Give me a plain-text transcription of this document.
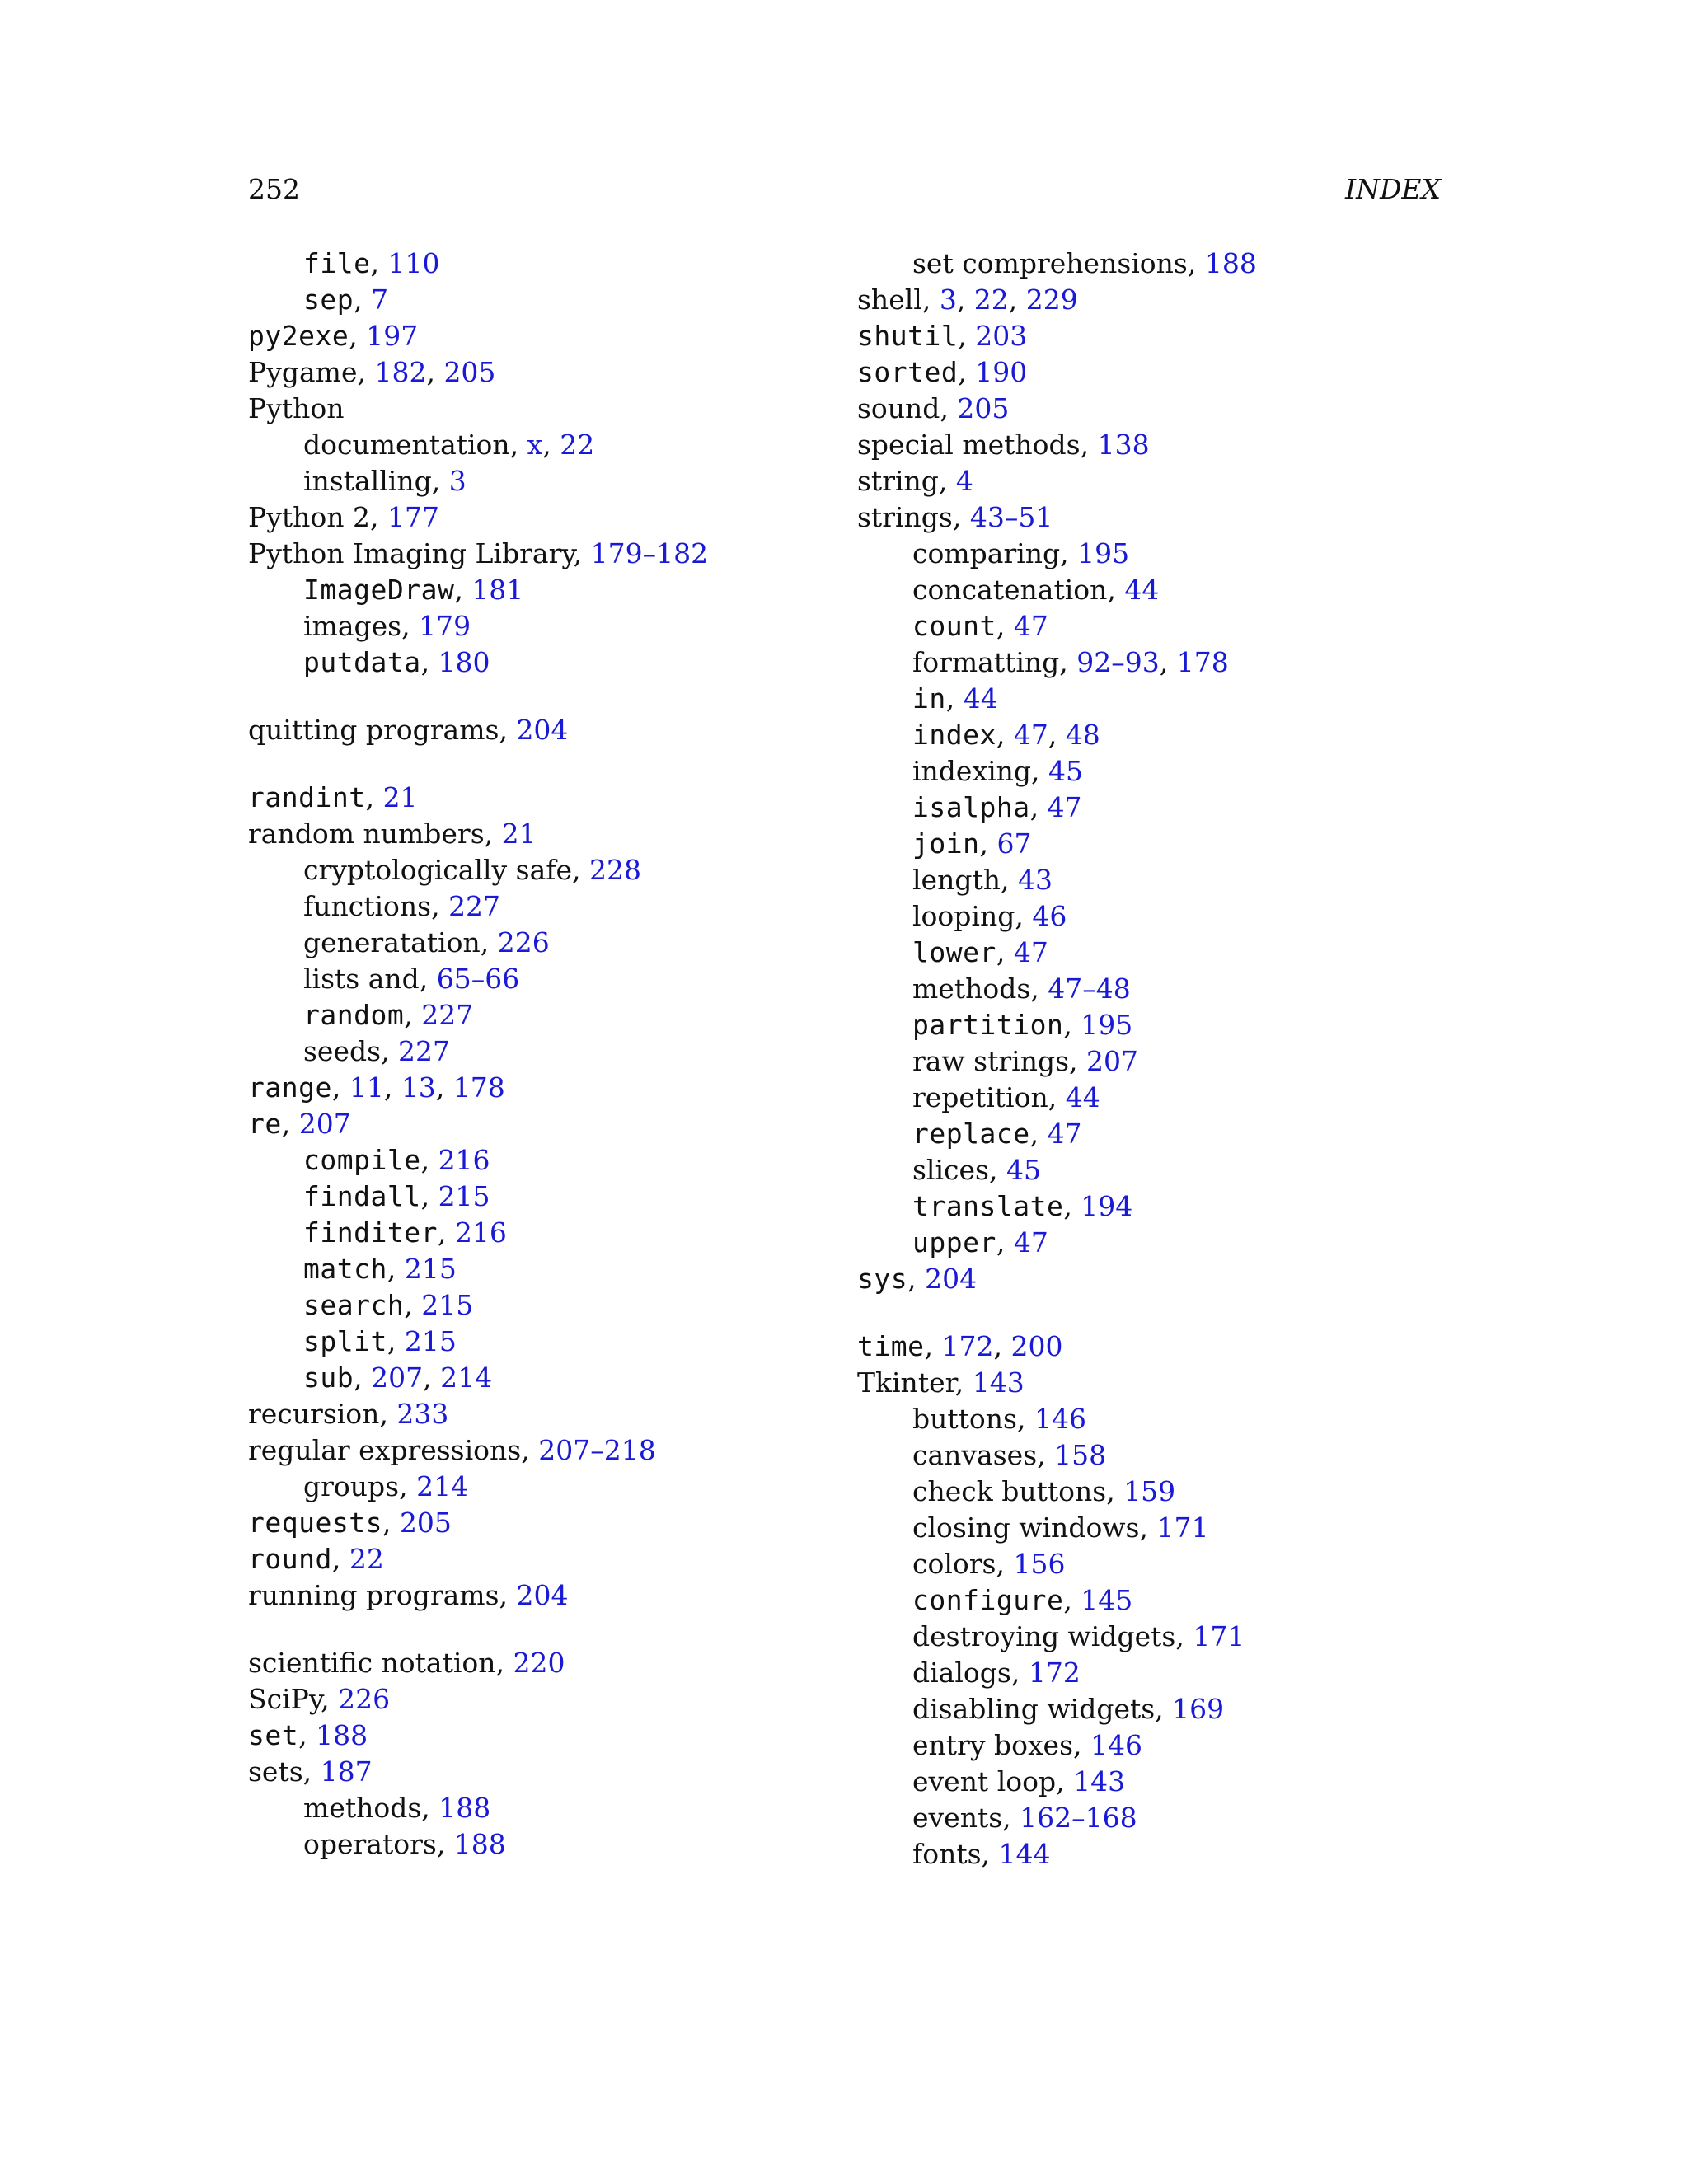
252	INDEX
file, 110
sep, 7
py2exe, 197
Pygame, 182, 205
Python
documentation, x, 22
installing, 3
Python 2, 177
Python Imaging Library, 179–182
ImageDraw, 181
images, 179
putdata, 180
quitting programs, 204
randint, 21
random numbers, 21
cryptologically safe, 228
functions, 227
generatation, 226
lists and, 65–66
random, 227
seeds, 227
range, 11, 13, 178
re, 207
compile, 216
findall, 215
finditer, 216
match, 215
search, 215
split, 215
sub, 207, 214
recursion, 233
regular expressions, 207–218
groups, 214
requests, 205
round, 22
running programs, 204
scientific notation, 220
SciPy, 226
set, 188
sets, 187
methods, 188
operators, 188
set comprehensions, 188
shell, 3, 22, 229
shutil, 203
sorted, 190
sound, 205
special methods, 138
string, 4
strings, 43–51
comparing, 195
concatenation, 44
count, 47
formatting, 92–93, 178
in, 44
index, 47, 48
indexing, 45
isalpha, 47
join, 67
length, 43
looping, 46
lower, 47
methods, 47–48
partition, 195
raw strings, 207
repetition, 44
replace, 47
slices, 45
translate, 194
upper, 47
sys, 204
time, 172, 200
Tkinter, 143
buttons, 146
canvases, 158
check buttons, 159
closing windows, 171
colors, 156
configure, 145
destroying widgets, 171
dialogs, 172
disabling widgets, 169
entry boxes, 146
event loop, 143
events, 162–168
fonts, 144
